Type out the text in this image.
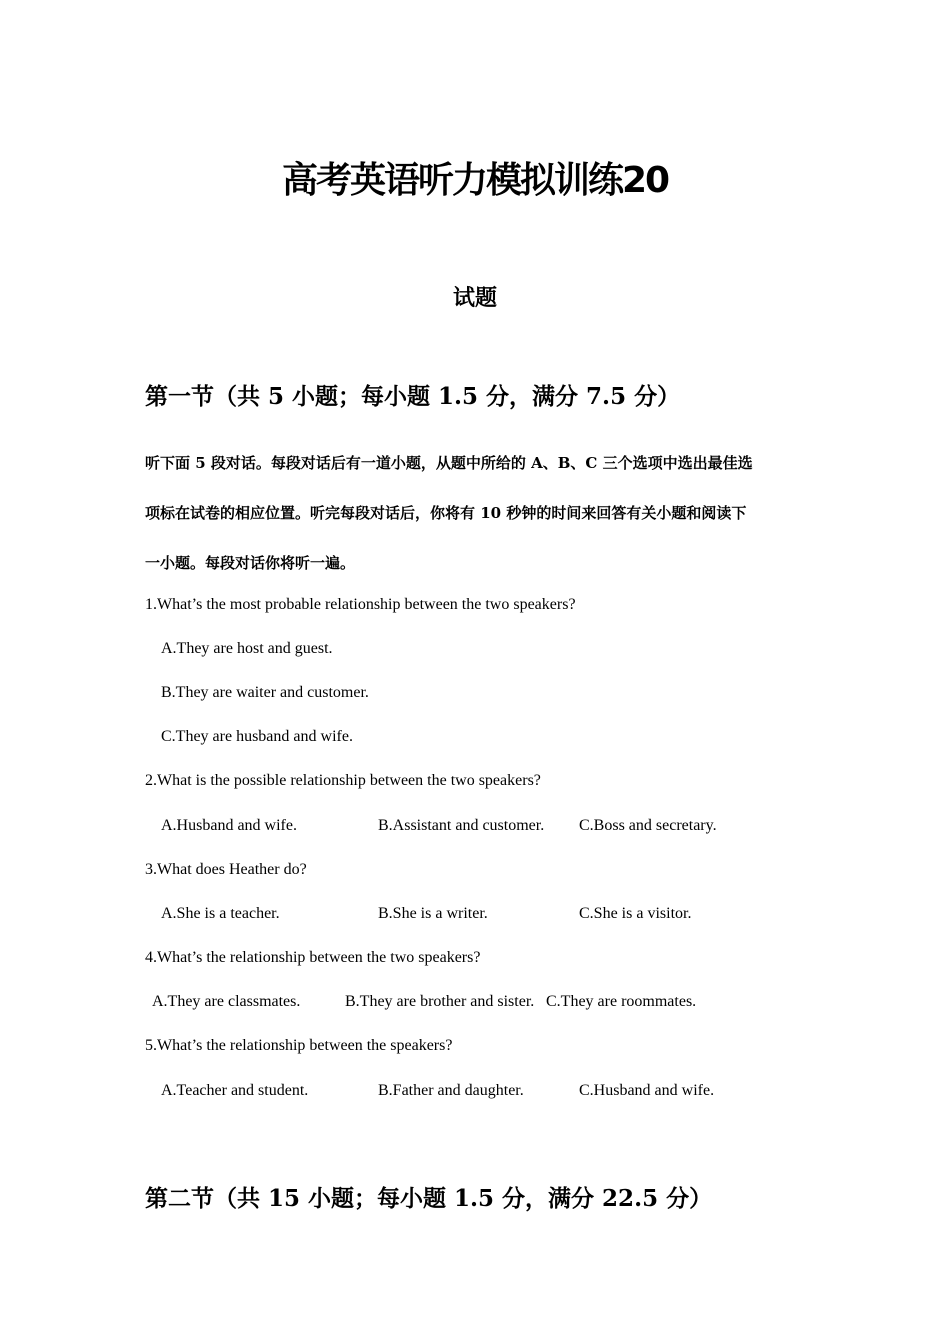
高考英语听力模拟训练20
试题
第一节（共 5 小题；每小题 1.5 分，满分 7.5 分）
听下面 5 段对话。每段对话后有一道小题，从题中所给的 A、B、C 三个选项中选出最佳选
项标在试卷的相应位置。听完每段对话后，你将有 10 秒钟的时间来回答有关小题和阅读下
一小题。每段对话你将听一遍。
1.What’s the most probable relationship between the two speakers?
A.They are host and guest.
B.They are waiter and customer.
C.They are husband and wife.
2.What is the possible relationship between the two speakers?
A.Husband and wife.	B.Assistant and customer. C.Boss and secretary.
3.What does Heather do?
A.She is a teacher.	B.She is a writer.	C.She is a visitor.
4.What’s the relationship between the two speakers?
A.They are classmates.	B.They are brother and sister. C.They are roommates.
5.What’s the relationship between the speakers?
A.Teacher and student.	B.Father and daughter.	C.Husband and wife.
第二节（共 15 小题；每小题 1.5 分，满分 22.5 分）
